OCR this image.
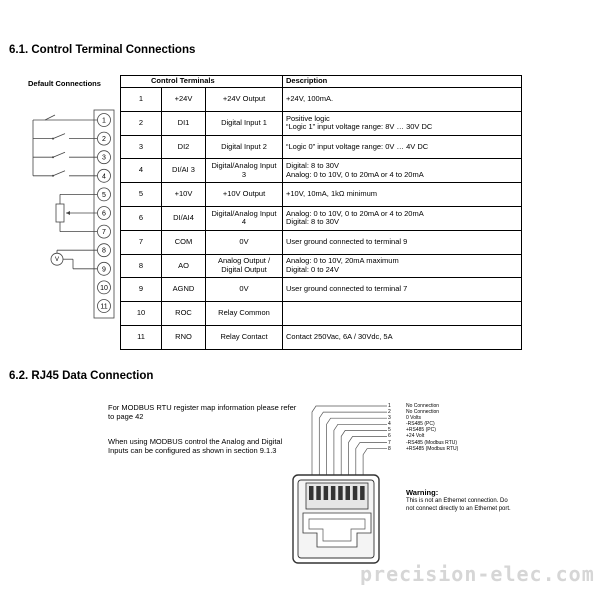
6.1. Control Terminal Connections
Default Connections
1
2
3
4
5
6
7
8
9
10
11
V
Control Terminals			Description
1	+24V	+24V Output	+24V, 100mA.

2	DI1	Digital Input 1	Positive logic
“Logic 1” input voltage range: 8V … 30V DC

3	DI2	Digital Input 2	“Logic 0” input voltage range: 0V … 4V DC

4	DI/AI 3	Digital/Analog Input 3	Digital: 8 to 30V
Analog: 0 to 10V, 0 to 20mA or 4 to 20mA

5	+10V	+10V Output	+10V, 10mA, 1kΩ minimum

6	DI/AI4	Digital/Analog Input 4	Analog: 0 to 10V, 0 to 20mA or 4 to 20mA
Digital: 8 to 30V

7	COM	0V	User ground connected to terminal 9

8	AO	Analog Output / Digital Output	Analog: 0 to 10V, 20mA maximum
Digital: 0 to 24V

9	AGND	0V	User ground connected to terminal 7

10	ROC	Relay Common	

11	RNO	Relay Contact	Contact 250Vac, 6A / 30Vdc, 5A
6.2. RJ45 Data Connection
For MODBUS RTU register map information please refer to page 42
When using MODBUS control the Analog and Digital Inputs can be configured as shown in section 9.1.3
1	No Connection
2	No Connection
3	0 Volts
4	-RS485 (PC)
5	+RS485 (PC)
6	+24 Volt
7	-RS485 (Modbus RTU)
8	+RS485 (Modbus RTU)
Warning:
This is not an Ethernet connection. Do not connect directly to an Ethernet port.
precision-elec.com
